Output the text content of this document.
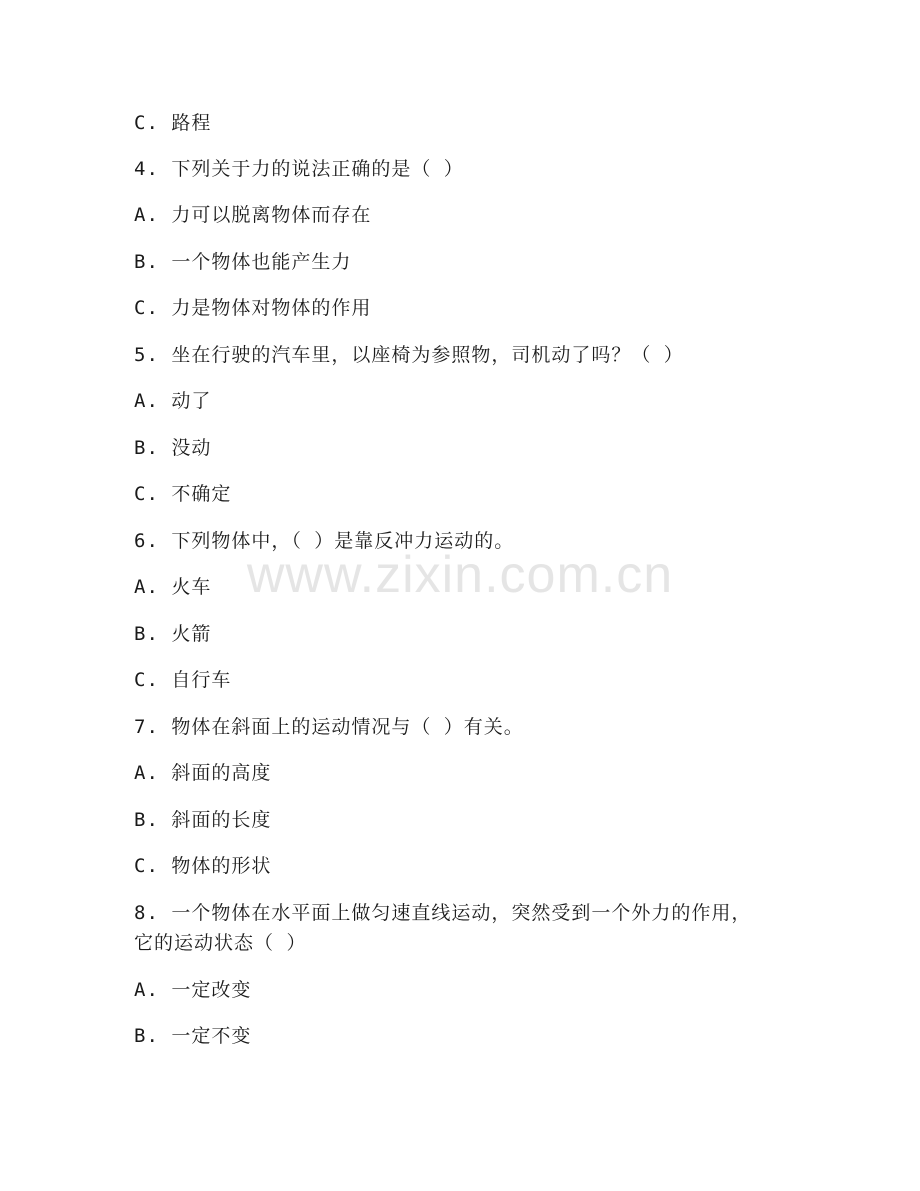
C. 路程
4. 下列关于力的说法正确的是（ ）
A. 力可以脱离物体而存在
B. 一个物体也能产生力
C. 力是物体对物体的作用
5. 坐在行驶的汽车里，以座椅为参照物，司机动了吗？（ ）
A. 动了
B. 没动
C. 不确定
6. 下列物体中，（ ）是靠反冲力运动的。
A. 火车
B. 火箭
C. 自行车
7. 物体在斜面上的运动情况与（ ）有关。
A. 斜面的高度
B. 斜面的长度
C. 物体的形状
8. 一个物体在水平面上做匀速直线运动，突然受到一个外力的作用，
它的运动状态（ ）
A. 一定改变
B. 一定不变
www.zixin.com.cn
